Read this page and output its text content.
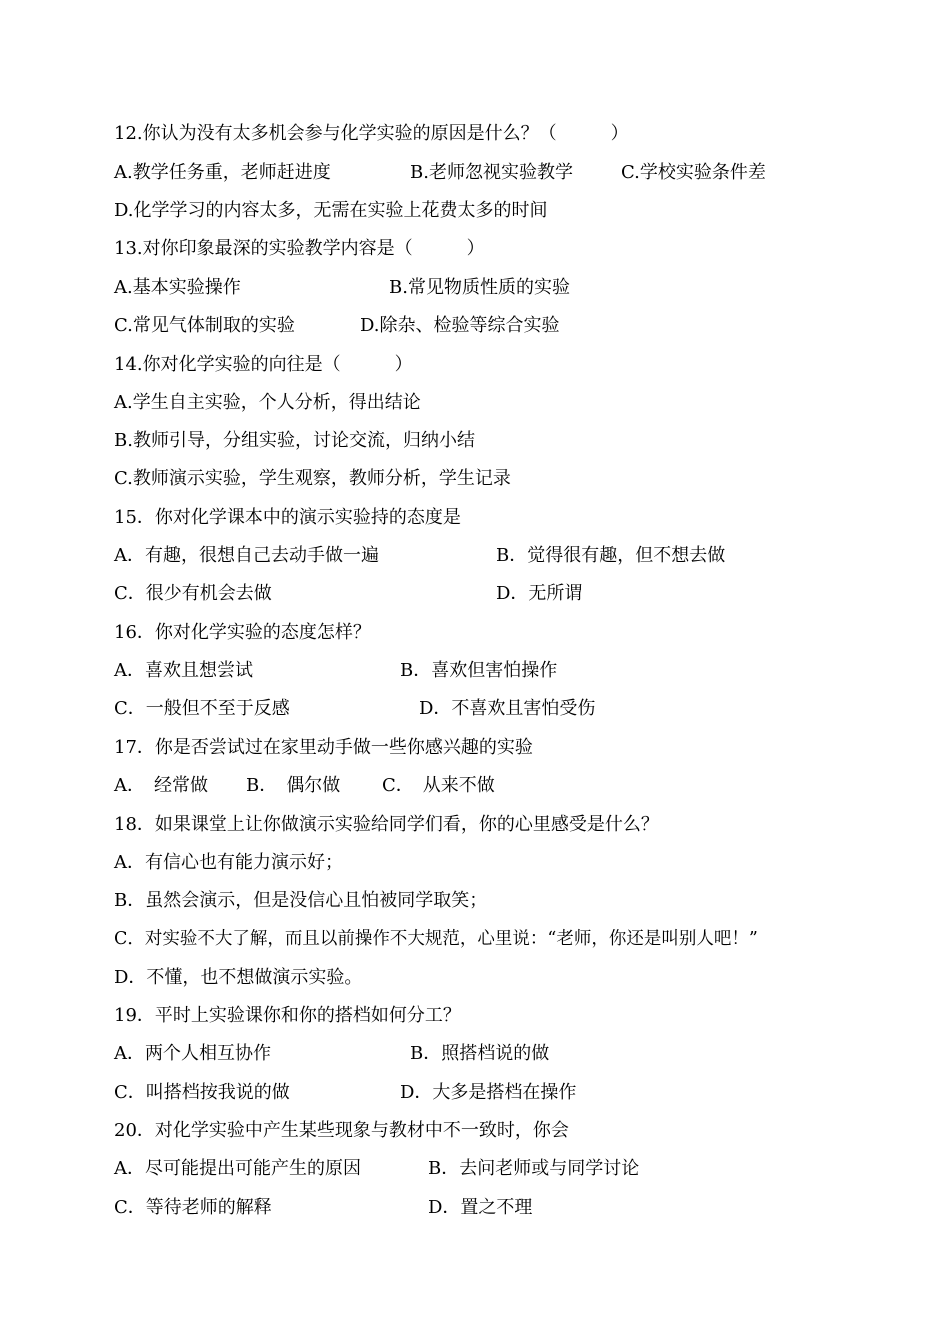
12.你认为没有太多机会参与化学实验的原因是什么？（　　　）

A.教学任务重，老师赶进度

	B.老师忽视实验教学

	C.学校实验条件差

D.化学学习的内容太多，无需在实验上花费太多的时间

13.对你印象最深的实验教学内容是（　　　）

A.基本实验操作

	B.常见物质性质的实验

C.常见气体制取的实验

	D.除杂、检验等综合实验

14.你对化学实验的向往是（　　　）

A.学生自主实验，个人分析，得出结论

B.教师引导，分组实验，讨论交流，归纳小结

C.教师演示实验，学生观察，教师分析，学生记录

15．你对化学课本中的演示实验持的态度是

A．有趣，很想自己去动手做一遍

	B．觉得很有趣，但不想去做

C．很少有机会去做

	D．无所谓

16．你对化学实验的态度怎样？

A．喜欢且想尝试

	B．喜欢但害怕操作

C．一般但不至于反感

	D．不喜欢且害怕受伤

17．你是否尝试过在家里动手做一些你感兴趣的实验

A．　经常做

B．　偶尔做

C．　从来不做

18．如果课堂上让你做演示实验给同学们看，你的心里感受是什么？

A．有信心也有能力演示好；

B．虽然会演示，但是没信心且怕被同学取笑；

C．对实验不大了解，而且以前操作不大规范，心里说：“老师，你还是叫别人吧！”

D．不懂，也不想做演示实验。

19．平时上实验课你和你的搭档如何分工？

A．两个人相互协作

	B．照搭档说的做

C．叫搭档按我说的做

	D．大多是搭档在操作

20．对化学实验中产生某些现象与教材中不一致时，你会

A．尽可能提出可能产生的原因

	B．去问老师或与同学讨论

C．等待老师的解释

	D．置之不理
